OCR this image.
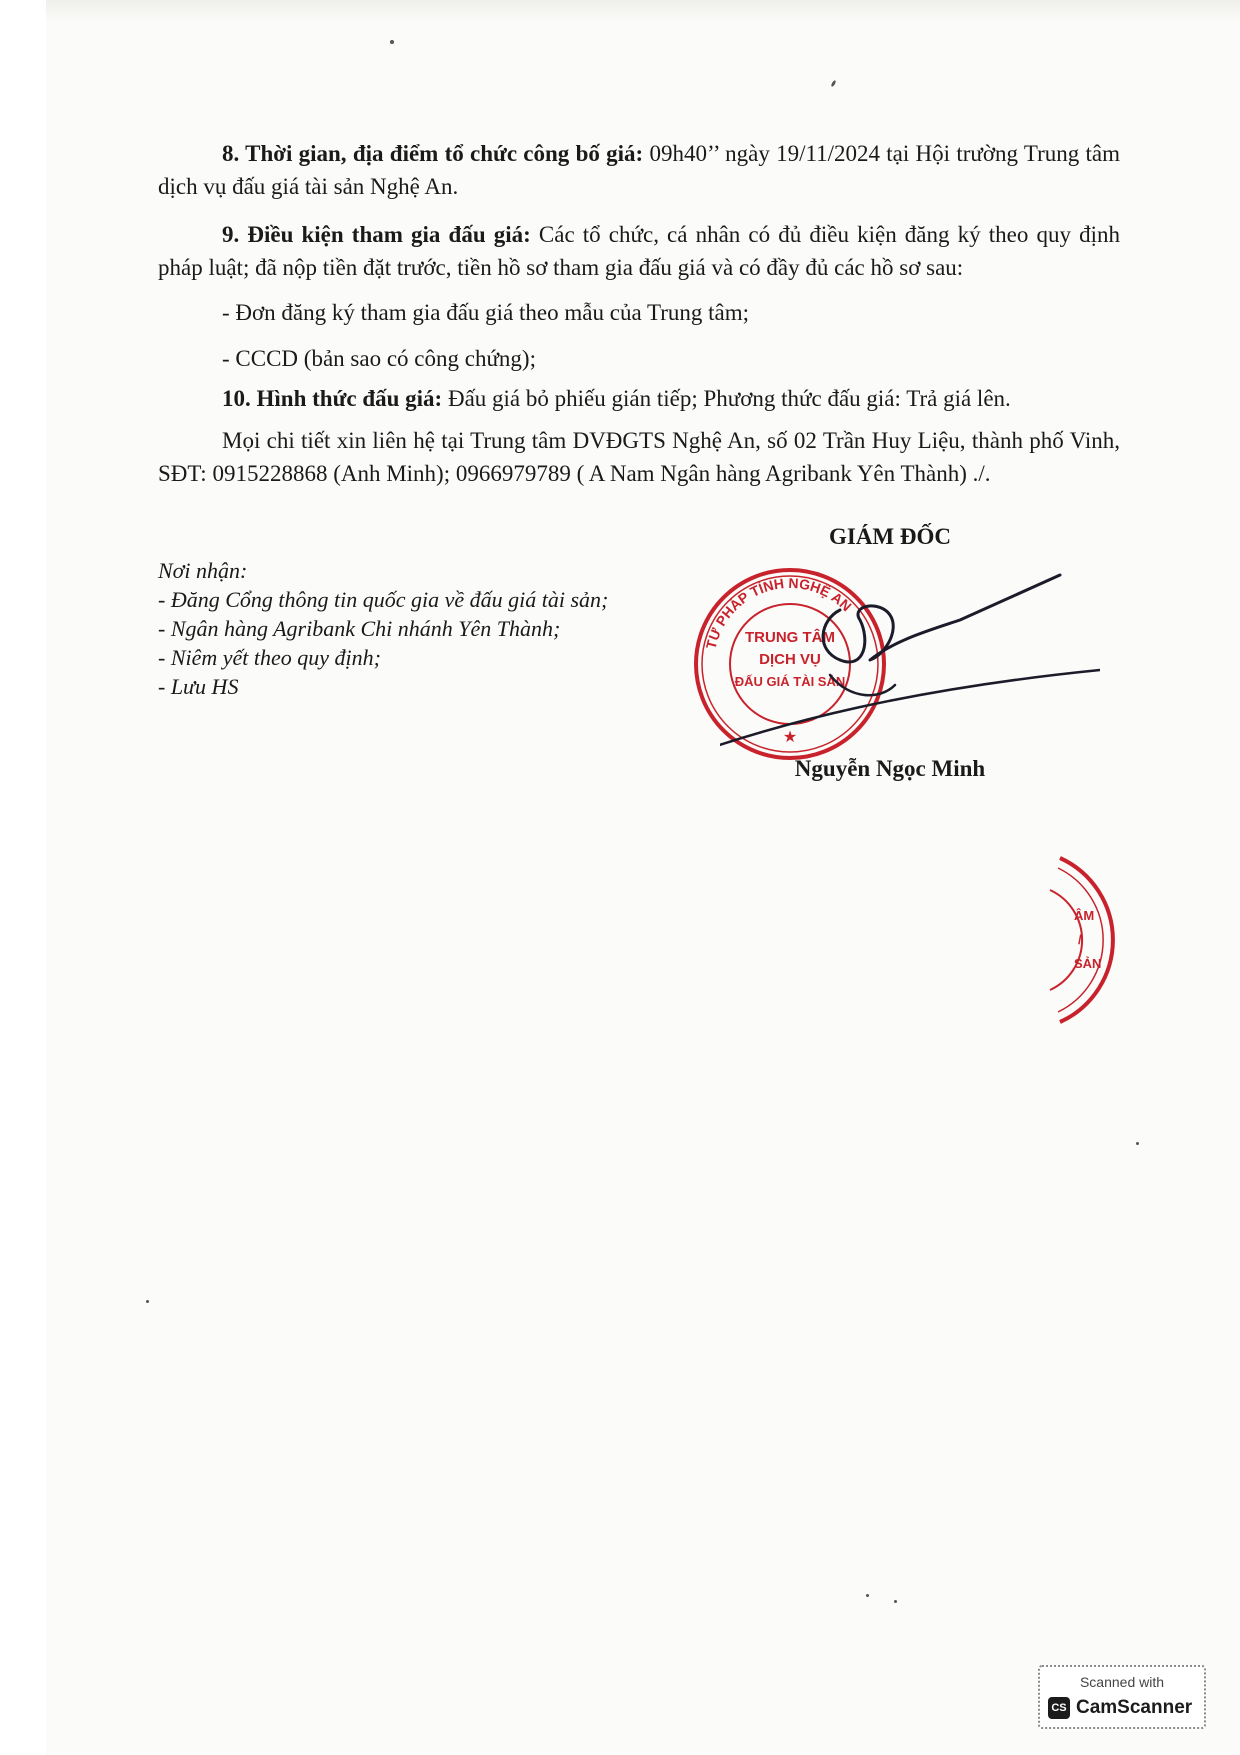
8. Thời gian, địa điểm tổ chức công bố giá: 09h40’’ ngày 19/11/2024 tại Hội trường Trung tâm dịch vụ đấu giá tài sản Nghệ An.

9. Điều kiện tham gia đấu giá: Các tổ chức, cá nhân có đủ điều kiện đăng ký theo quy định pháp luật; đã nộp tiền đặt trước, tiền hồ sơ tham gia đấu giá và có đầy đủ các hồ sơ sau:

- Đơn đăng ký tham gia đấu giá theo mẫu của Trung tâm;
- CCCD (bản sao có công chứng);

10. Hình thức đấu giá: Đấu giá bỏ phiếu gián tiếp; Phương thức đấu giá: Trả giá lên.

Mọi chi tiết xin liên hệ tại Trung tâm DVĐGTS Nghệ An, số 02 Trần Huy Liệu, thành phố Vinh, SĐT: 0915228868 (Anh Minh); 0966979789 ( A Nam Ngân hàng Agribank Yên Thành) ./.

GIÁM ĐỐC
Nơi nhận:
- Đăng Cổng thông tin quốc gia về đấu giá tài sản;
- Ngân hàng Agribank Chi nhánh Yên Thành;
- Niêm yết theo quy định;
- Lưu HS
TƯ PHÁP TỈNH NGHỆ AN
TRUNG TÂM
DỊCH VỤ
ĐẤU GIÁ TÀI SẢN
★
Nguyễn Ngọc Minh
ÂM
/
SẢN
Scanned with
CS CamScanner
